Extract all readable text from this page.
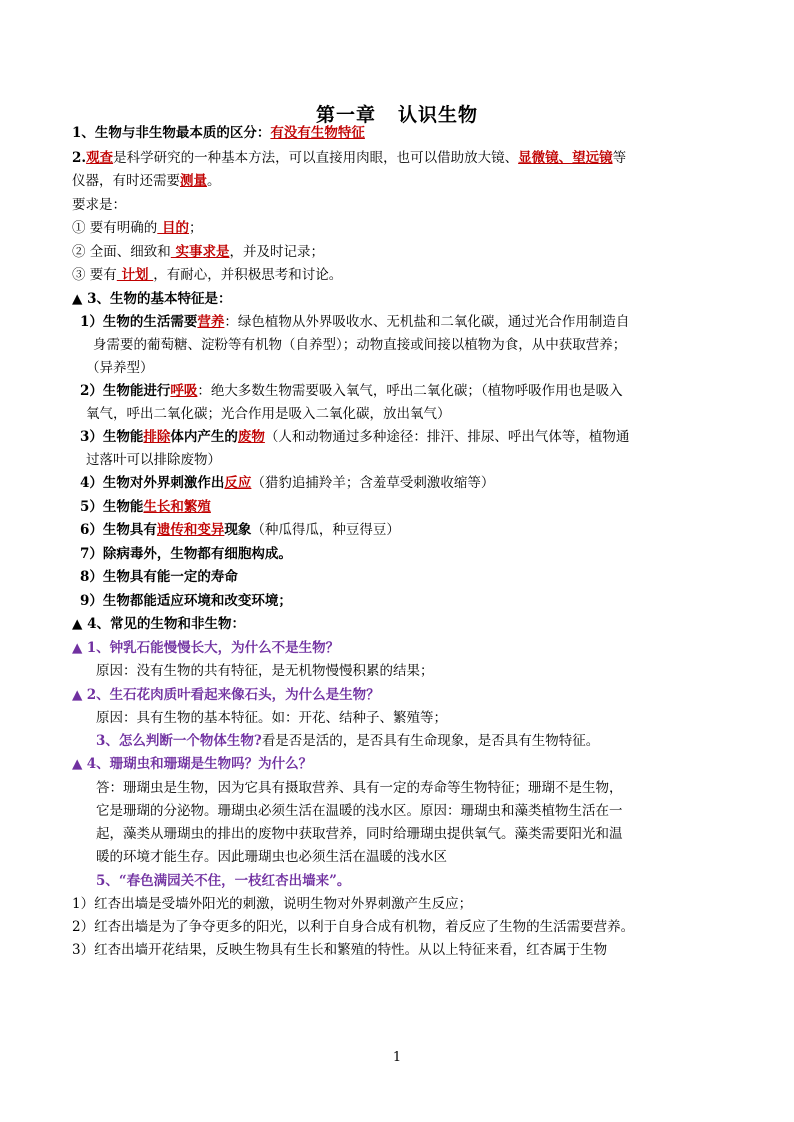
第一章 认识生物
1、生物与非生物最本质的区分：有没有生物特征
2.观查是科学研究的一种基本方法，可以直接用肉眼，也可以借助放大镜、显微镜、望远镜等
仪器，有时还需要测量。
要求是：
① 要有明确的 目的；
② 全面、细致和 实事求是，并及时记录；
③ 要有 计划 ，有耐心，并积极思考和讨论。
▲ 3、生物的基本特征是：
1）生物的生活需要营养：绿色植物从外界吸收水、无机盐和二氧化碳，通过光合作用制造自
身需要的葡萄糖、淀粉等有机物（自养型）；动物直接或间接以植物为食，从中获取营养；
（异养型）
2）生物能进行呼吸：绝大多数生物需要吸入氧气，呼出二氧化碳；（植物呼吸作用也是吸入
氧气，呼出二氧化碳；光合作用是吸入二氧化碳，放出氧气）
3）生物能排除体内产生的废物（人和动物通过多种途径：排汗、排尿、呼出气体等，植物通
过落叶可以排除废物）
4）生物对外界刺激作出反应（猎豹追捕羚羊；含羞草受刺激收缩等）
5）生物能生长和繁殖
6）生物具有遗传和变异现象（种瓜得瓜，种豆得豆）
7）除病毒外，生物都有细胞构成。
8）生物具有能一定的寿命
9）生物都能适应环境和改变环境；
▲ 4、常见的生物和非生物：
▲ 1、钟乳石能慢慢长大，为什么不是生物？
原因：没有生物的共有特征，是无机物慢慢积累的结果；
▲ 2、生石花肉质叶看起来像石头，为什么是生物？
原因：具有生物的基本特征。如：开花、结种子、繁殖等；
3、怎么判断一个物体生物?看是否是活的，是否具有生命现象，是否具有生物特征。
▲ 4、珊瑚虫和珊瑚是生物吗？为什么？
答：珊瑚虫是生物，因为它具有摄取营养、具有一定的寿命等生物特征；珊瑚不是生物，
它是珊瑚的分泌物。珊瑚虫必须生活在温暖的浅水区。原因：珊瑚虫和藻类植物生活在一
起，藻类从珊瑚虫的排出的废物中获取营养，同时给珊瑚虫提供氧气。藻类需要阳光和温
暖的环境才能生存。因此珊瑚虫也必须生活在温暖的浅水区
5、“春色满园关不住，一枝红杏出墙来”。
1）红杏出墙是受墙外阳光的刺激，说明生物对外界刺激产生反应；
2）红杏出墙是为了争夺更多的阳光，以利于自身合成有机物，着反应了生物的生活需要营养。
3）红杏出墙开花结果，反映生物具有生长和繁殖的特性。从以上特征来看，红杏属于生物
1
